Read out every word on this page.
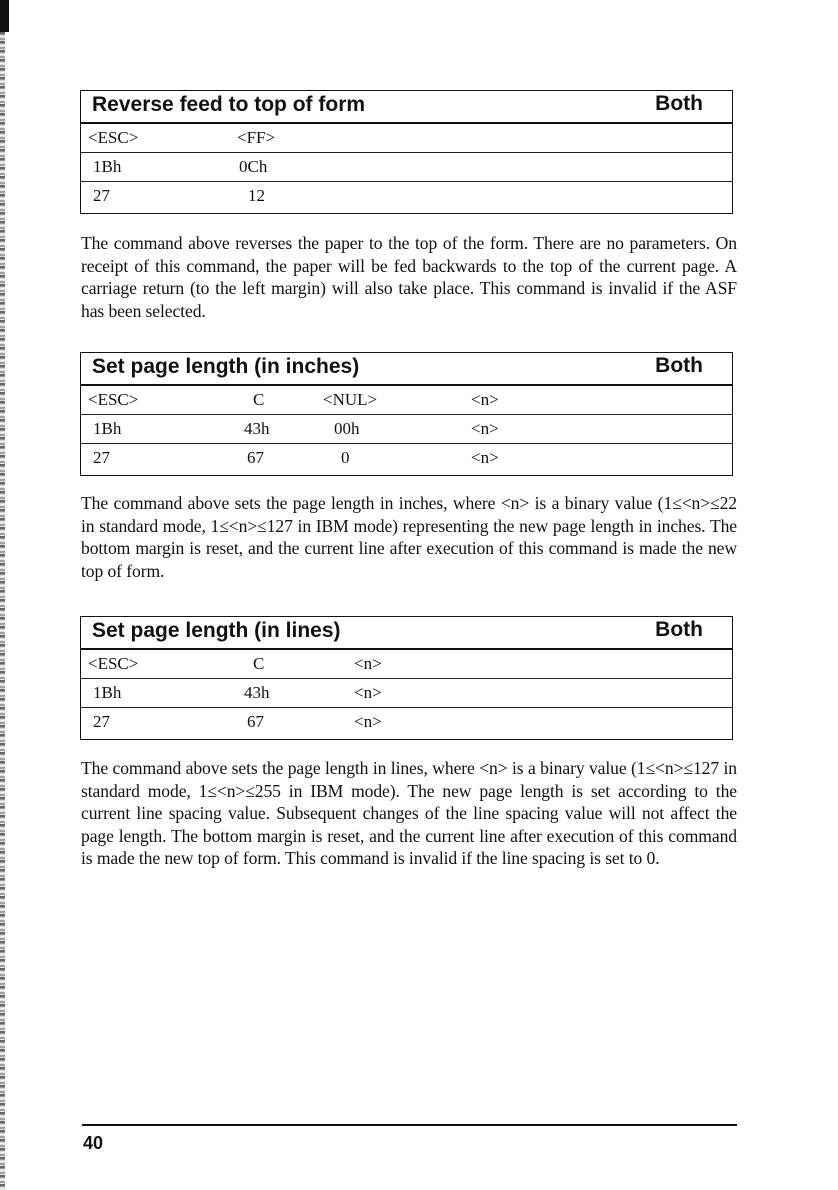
Reverse feed to top of form	Both
<ESC>	<FF>
1Bh	0Ch
27	12
The command above reverses the paper to the top of the form. There are no parameters. On receipt of this command, the paper will be fed backwards to the top of the current page. A carriage return (to the left margin) will also take place. This command is invalid if the ASF has been selected.
Set page length (in inches)	Both
<ESC>	C	<NUL>	<n>
1Bh	43h	00h	<n>
27	67	0	<n>
The command above sets the page length in inches, where <n> is a binary value (1≤<n>≤22 in standard mode, 1≤<n>≤127 in IBM mode) representing the new page length in inches. The bottom margin is reset, and the current line after execution of this command is made the new top of form.
Set page length (in lines)	Both
<ESC>	C	<n>
1Bh	43h	<n>
27	67	<n>
The command above sets the page length in lines, where <n> is a binary value (1≤<n>≤127 in standard mode, 1≤<n>≤255 in IBM mode). The new page length is set according to the current line spacing value. Subsequent changes of the line spacing value will not affect the page length. The bottom margin is reset, and the current line after execution of this command is made the new top of form. This command is invalid if the line spacing is set to 0.
40
